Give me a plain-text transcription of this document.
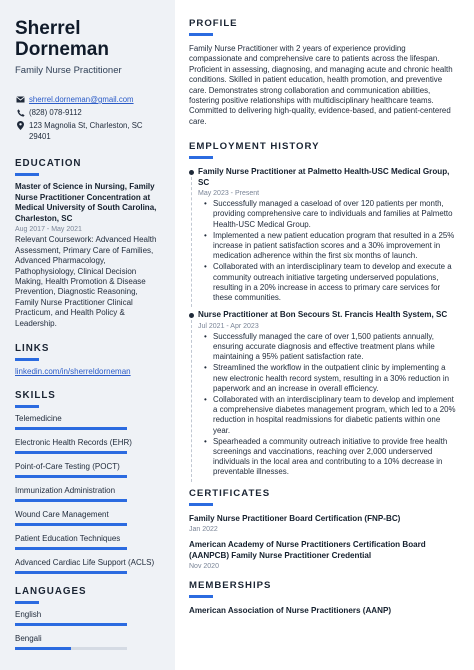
Sherrel
Dorneman
Family Nurse Practitioner
sherrel.dorneman@gmail.com
(828) 078-9112
123 Magnolia St, Charleston, SC
29401
EDUCATION
Master of Science in Nursing, Family Nurse Practitioner Concentration at Medical University of South Carolina, Charleston, SC
Aug 2017 - May 2021
Relevant Coursework: Advanced Health Assessment, Primary Care of Families, Advanced Pharmacology, Pathophysiology, Clinical Decision Making, Health Promotion & Disease Prevention, Diagnostic Reasoning, Family Nurse Practitioner Clinical Practicum, and Health Policy & Leadership.
LINKS
linkedin.com/in/sherreldorneman
SKILLS
Telemedicine
Electronic Health Records (EHR)
Point-of-Care Testing (POCT)
Immunization Administration
Wound Care Management
Patient Education Techniques
Advanced Cardiac Life Support (ACLS)
LANGUAGES
English
Bengali
PROFILE
Family Nurse Practitioner with 2 years of experience providing compassionate and comprehensive care to patients across the lifespan. Proficient in assessing, diagnosing, and managing acute and chronic health conditions. Skilled in patient education, health promotion, and preventive care. Demonstrates strong collaboration and communication abilities, fostering positive relationships with multidisciplinary healthcare teams. Committed to delivering high-quality, evidence-based, and patient-centered care.
EMPLOYMENT HISTORY
Family Nurse Practitioner at Palmetto Health-USC Medical Group, SC
May 2023 - Present
• Successfully managed a caseload of over 120 patients per month, providing comprehensive care to individuals and families at Palmetto Health-USC Medical Group.
• Implemented a new patient education program that resulted in a 25% increase in patient satisfaction scores and a 30% improvement in medication adherence within the first six months of launch.
• Collaborated with an interdisciplinary team to develop and execute a community outreach initiative targeting underserved populations, resulting in a 20% increase in access to primary care services for these communities.
Nurse Practitioner at Bon Secours St. Francis Health System, SC
Jul 2021 - Apr 2023
• Successfully managed the care of over 1,500 patients annually, ensuring accurate diagnosis and effective treatment plans while maintaining a 95% patient satisfaction rate.
• Streamlined the workflow in the outpatient clinic by implementing a new electronic health record system, resulting in a 30% reduction in paperwork and an increase in overall efficiency.
• Collaborated with an interdisciplinary team to develop and implement a comprehensive diabetes management program, which led to a 20% reduction in hospital readmissions for diabetic patients within one year.
• Spearheaded a community outreach initiative to provide free health screenings and vaccinations, reaching over 2,000 underserved individuals in the local area and contributing to a 10% decrease in preventable illnesses.
CERTIFICATES
Family Nurse Practitioner Board Certification (FNP-BC)
Jan 2022
American Academy of Nurse Practitioners Certification Board (AANPCB) Family Nurse Practitioner Credential
Nov 2020
MEMBERSHIPS
American Association of Nurse Practitioners (AANP)
